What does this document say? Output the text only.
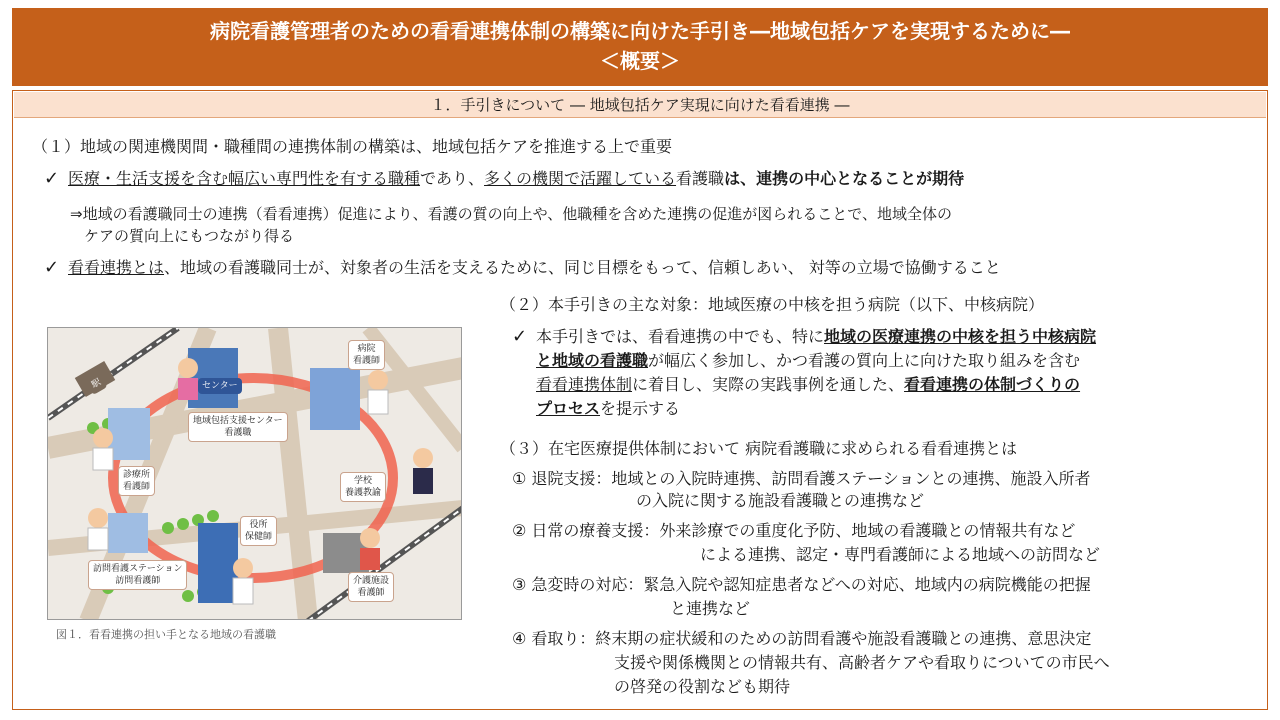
病院看護管理者のための看看連携体制の構築に向けた手引き―地域包括ケアを実現するために―
＜概要＞
１．手引きについて ― 地域包括ケア実現に向けた看看連携 ―
（１）地域の関連機関間・職種間の連携体制の構築は、地域包括ケアを推進する上で重要
✓ 医療・生活支援を含む幅広い専門性を有する職種であり、多くの機関で活躍している看護職は、連携の中心となることが期待
⇒地域の看護職同士の連携（看看連携）促進により、看護の質の向上や、他職種を含めた連携の促進が図られることで、地域全体の
ケアの質向上にもつながり得る
✓ 看看連携とは、地域の看護職同士が、対象者の生活を支えるために、同じ目標をもって、信頼しあい、 対等の立場で協働すること
（２）本手引きの主な対象：地域医療の中核を担う病院（以下、中核病院）
✓ 本手引きでは、看看連携の中でも、特に地域の医療連携の中核を担う中核病院
と地域の看護職が幅広く参加し、かつ看護の質向上に向けた取り組みを含む
看看連携体制に着目し、実際の実践事例を通した、看看連携の体制づくりの
プロセスを提示する
（３）在宅医療提供体制において 病院看護職に求められる看看連携とは
① 退院支援：地域との入院時連携、訪問看護ステーションとの連携、施設入所者
の入院に関する施設看護職との連携など
② 日常の療養支援：外来診療での重度化予防、地域の看護職との情報共有など
による連携、認定・専門看護師による地域への訪問など
③ 急変時の対応：緊急入院や認知症患者などへの対応、地域内の病院機能の把握
と連携など
④ 看取り：終末期の症状緩和のための訪問看護や施設看護職との連携、意思決定
支援や関係機関との情報共有、高齢者ケアや看取りについての市民へ
の啓発の役割なども期待
駅	センター
病院
看護師
地域包括支援センター
看護職
診療所
看護師
学校
養護教諭
役所
保健師
訪問看護ステーション
訪問看護師	介護施設
看護師
図１．看看連携の担い手となる地域の看護職
